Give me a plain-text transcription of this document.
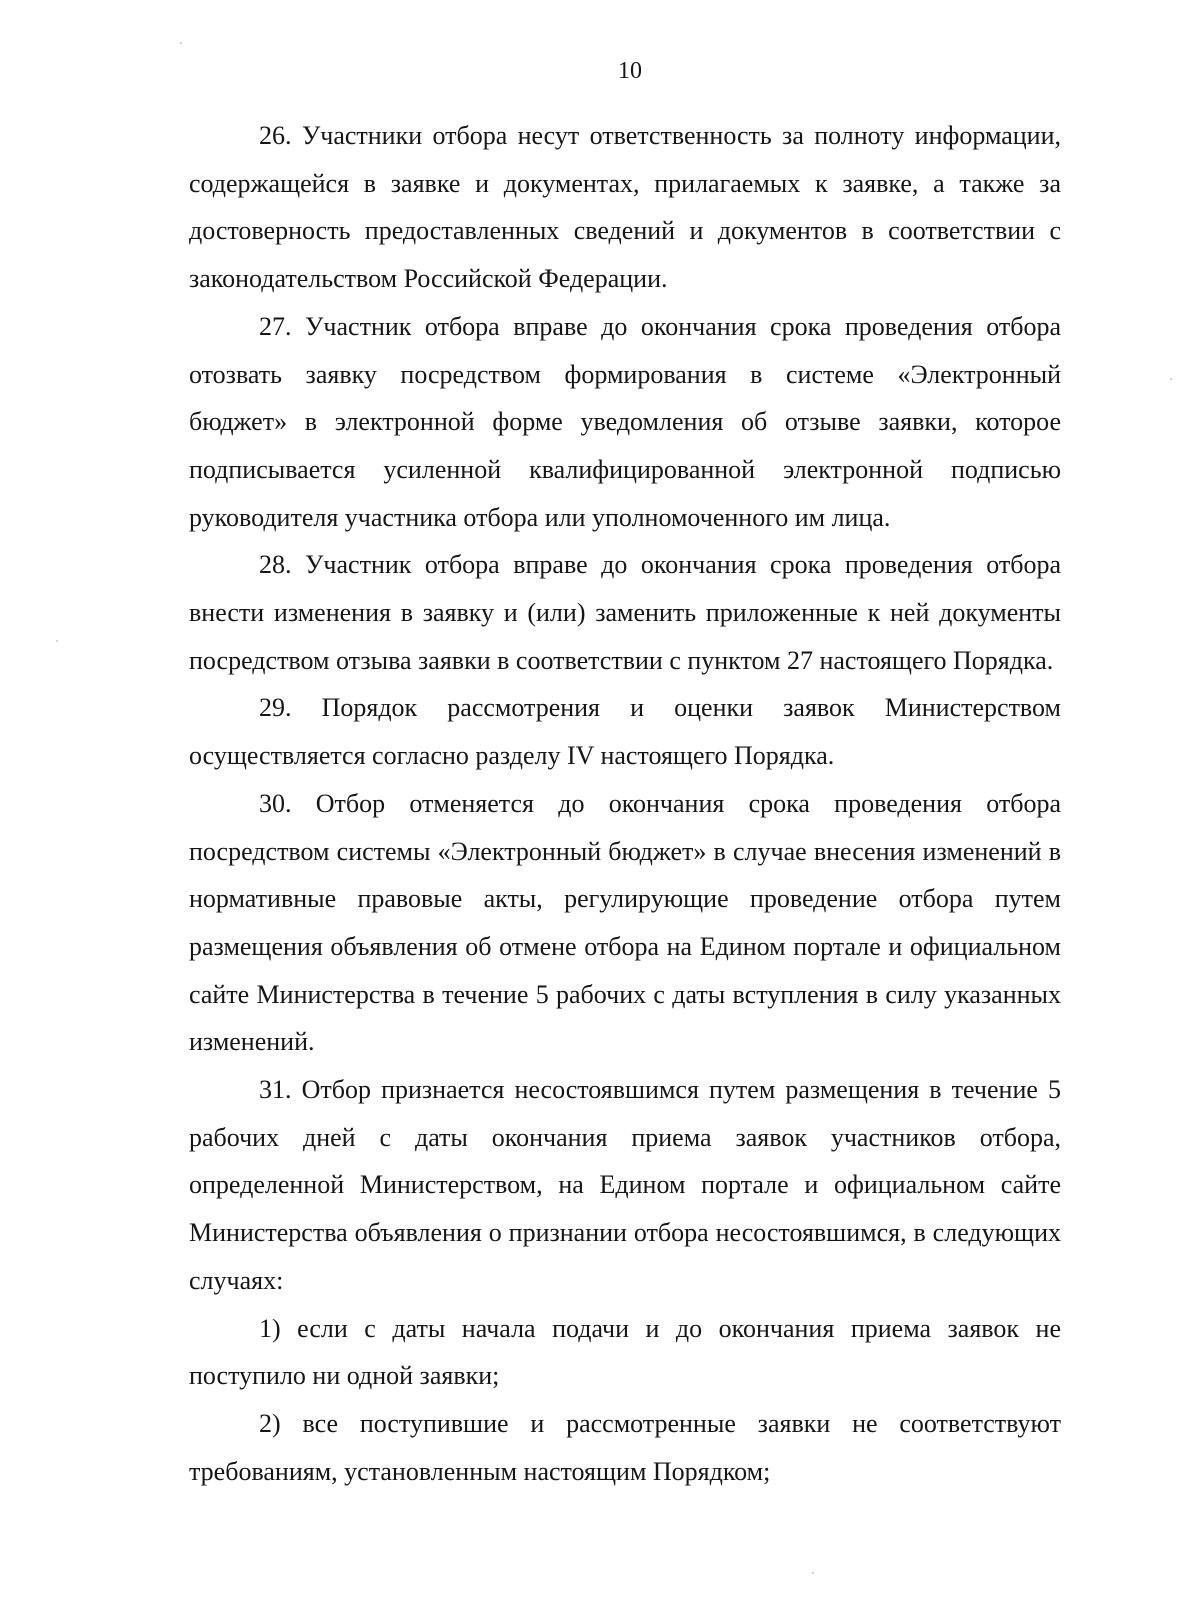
10

26. Участники отбора несут ответственность за полноту информации, содержащейся в заявке и документах, прилагаемых к заявке, а также за достоверность предоставленных сведений и документов в соответствии с законодательством Российской Федерации.

27. Участник отбора вправе до окончания срока проведения отбора отозвать заявку посредством формирования в системе «Электронный бюджет» в электронной форме уведомления об отзыве заявки, которое подписывается усиленной квалифицированной электронной подписью руководителя участника отбора или уполномоченного им лица.

28. Участник отбора вправе до окончания срока проведения отбора внести изменения в заявку и (или) заменить приложенные к ней документы посредством отзыва заявки в соответствии с пунктом 27 настоящего Порядка.

29. Порядок рассмотрения и оценки заявок Министерством осуществляется согласно разделу IV настоящего Порядка.

30. Отбор отменяется до окончания срока проведения отбора посредством системы «Электронный бюджет» в случае внесения изменений в нормативные правовые акты, регулирующие проведение отбора путем размещения объявления об отмене отбора на Едином портале и официальном сайте Министерства в течение 5 рабочих с даты вступления в силу указанных изменений.

31. Отбор признается несостоявшимся путем размещения в течение 5 рабочих дней с даты окончания приема заявок участников отбора, определенной Министерством, на Едином портале и официальном сайте Министерства объявления о признании отбора несостоявшимся, в следующих случаях:

1) если с даты начала подачи и до окончания приема заявок не поступило ни одной заявки;

2) все поступившие и рассмотренные заявки не соответствуют требованиям, установленным настоящим Порядком;
